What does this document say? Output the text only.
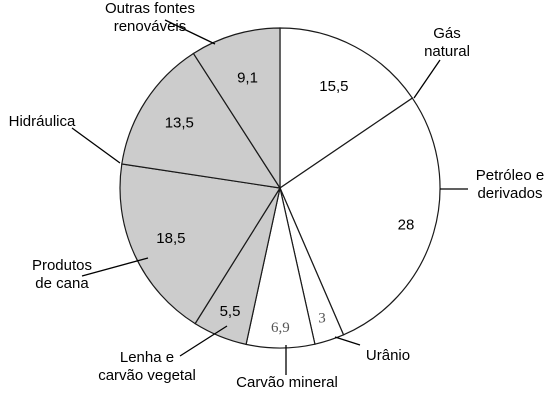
15,5
28
3
6,9
5,5
18,5
13,5
9,1
Gás natural
Petróleo e derivados
Urânio
Carvão mineral
Lenha e carvão vegetal
Produtos de cana
Hidráulica
Outras fontes renováveis
